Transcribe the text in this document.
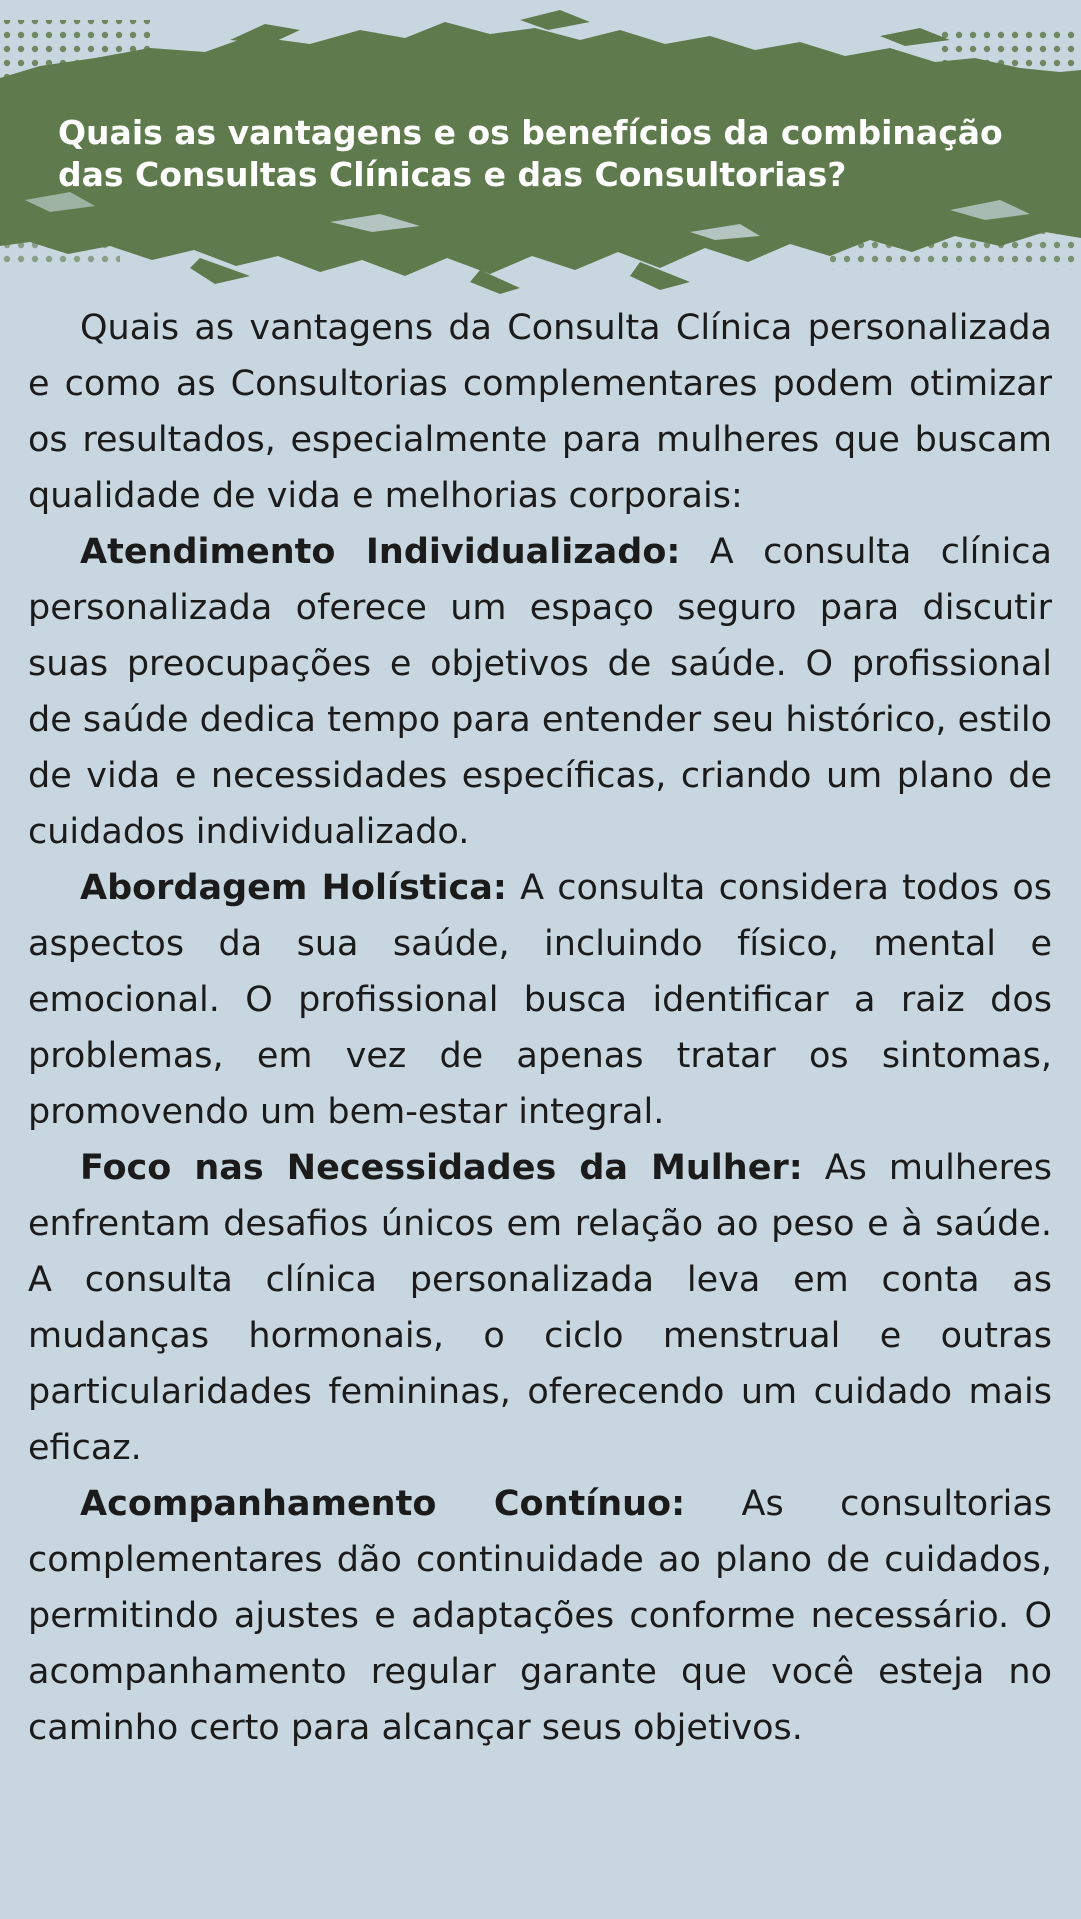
Quais as vantagens e os benefícios da combinação das Consultas Clínicas e das Consultorias?

Quais as vantagens da Consulta Clínica personalizada e como as Consultorias complementares podem otimizar os resultados, especialmente para mulheres que buscam qualidade de vida e melhorias corporais:

Atendimento Individualizado: A consulta clínica personalizada oferece um espaço seguro para discutir suas preocupações e objetivos de saúde. O profissional de saúde dedica tempo para entender seu histórico, estilo de vida e necessidades específicas, criando um plano de cuidados individualizado.

Abordagem Holística: A consulta considera todos os aspectos da sua saúde, incluindo físico, mental e emocional. O profissional busca identificar a raiz dos problemas, em vez de apenas tratar os sintomas, promovendo um bem-estar integral.

Foco nas Necessidades da Mulher: As mulheres enfrentam desafios únicos em relação ao peso e à saúde. A consulta clínica personalizada leva em conta as mudanças hormonais, o ciclo menstrual e outras particularidades femininas, oferecendo um cuidado mais eficaz.

Acompanhamento Contínuo: As consultorias complementares dão continuidade ao plano de cuidados, permitindo ajustes e adaptações conforme necessário. O acompanhamento regular garante que você esteja no caminho certo para alcançar seus objetivos.
